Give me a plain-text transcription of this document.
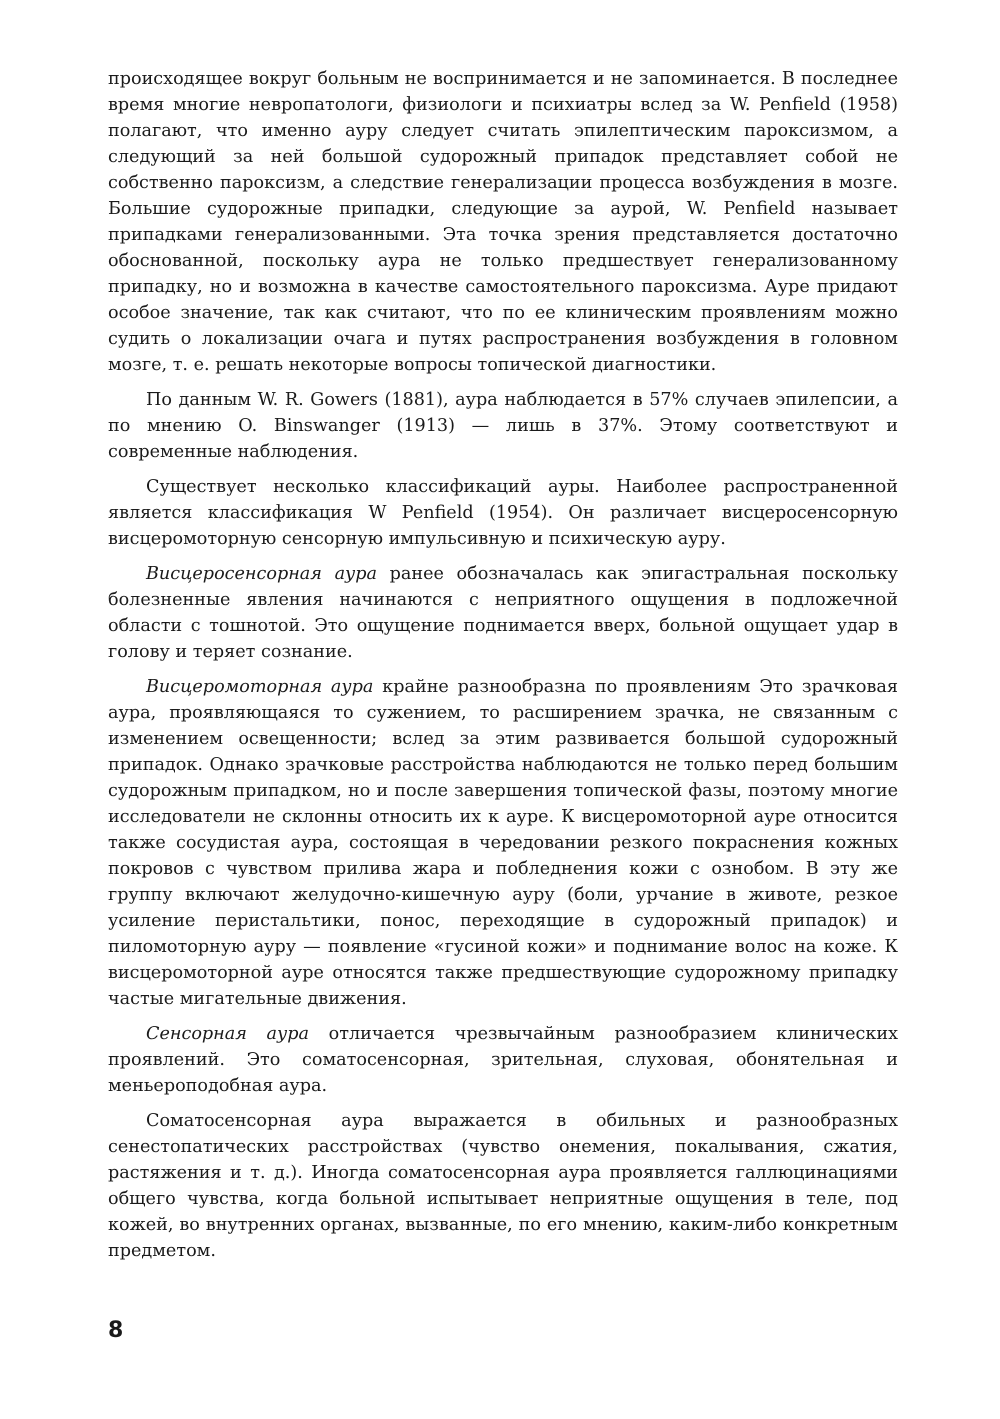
происходящее вокруг больным не воспринимается и не запоминается. В последнее время многие невропатологи, физиологи и психиатры вслед за W. Penfield (1958) полагают, что именно ауру следует считать эпилептическим пароксизмом, а следующий за ней большой судорожный припадок представляет собой не собственно пароксизм, а следствие генерализации процесса возбуждения в мозге. Большие судорожные припадки, следующие за аурой, W. Penfield называет припадками генерализованными. Эта точка зрения представляется достаточно обоснованной, поскольку аура не только предшествует генерализованному припадку, но и возможна в качестве самостоятельного пароксизма. Ауре придают особое значение, так как считают, что по ее клиническим проявлениям можно судить о локализации очага и путях распространения возбуждения в головном мозге, т. е. решать некоторые вопросы топической диагностики.

По данным W. R. Gowers (1881), аура наблюдается в 57% случаев эпилепсии, а по мнению O. Binswanger (1913) — лишь в 37%. Этому соответствуют и современные наблюдения.

Существует несколько классификаций ауры. Наиболее распространенной является классификация W Penfield (1954). Он различает висцеросенсорную висцеромоторную сенсорную импульсивную и психическую ауру.

Висцеросенсорная аура ранее обозначалась как эпигастральная поскольку болезненные явления начинаются с неприятного ощущения в подложечной области с тошнотой. Это ощущение поднимается вверх, больной ощущает удар в голову и теряет сознание.

Висцеромоторная аура крайне разнообразна по проявлениям Это зрачковая аура, проявляющаяся то сужением, то расширением зрачка, не связанным с изменением освещенности; вслед за этим развивается большой судорожный припадок. Однако зрачковые расстройства наблюдаются не только перед большим судорожным припадком, но и после завершения топической фазы, поэтому многие исследователи не склонны относить их к ауре. К висцеромоторной ауре относится также сосудистая аура, состоящая в чередовании резкого покраснения кожных покровов с чувством прилива жара и побледнения кожи с ознобом. В эту же группу включают желудочно-кишечную ауру (боли, урчание в животе, резкое усиление перистальтики, понос, переходящие в судорожный припадок) и пиломоторную ауру — появление «гусиной кожи» и подниманиe волос на коже. К висцеромоторной ауре относятся также предшествующие судорожному припадку частые мигательные движения.

Сенсорная аура отличается чрезвычайным разнообразием клинических проявлений. Это соматосенсорная, зрительная, слуховая, обонятельная и меньероподобная аура.

Соматосенсорная аура выражается в обильных и разнообразных сенестопатических расстройствах (чувство онемения, покалывания, сжатия, растяжения и т. д.). Иногда соматосенсорная аура проявляется галлюцинациями общего чувства, когда больной испытывает неприятные ощущения в теле, под кожей, во внутренних органах, вызванные, по его мнению, каким-либо конкретным предметом.

8
